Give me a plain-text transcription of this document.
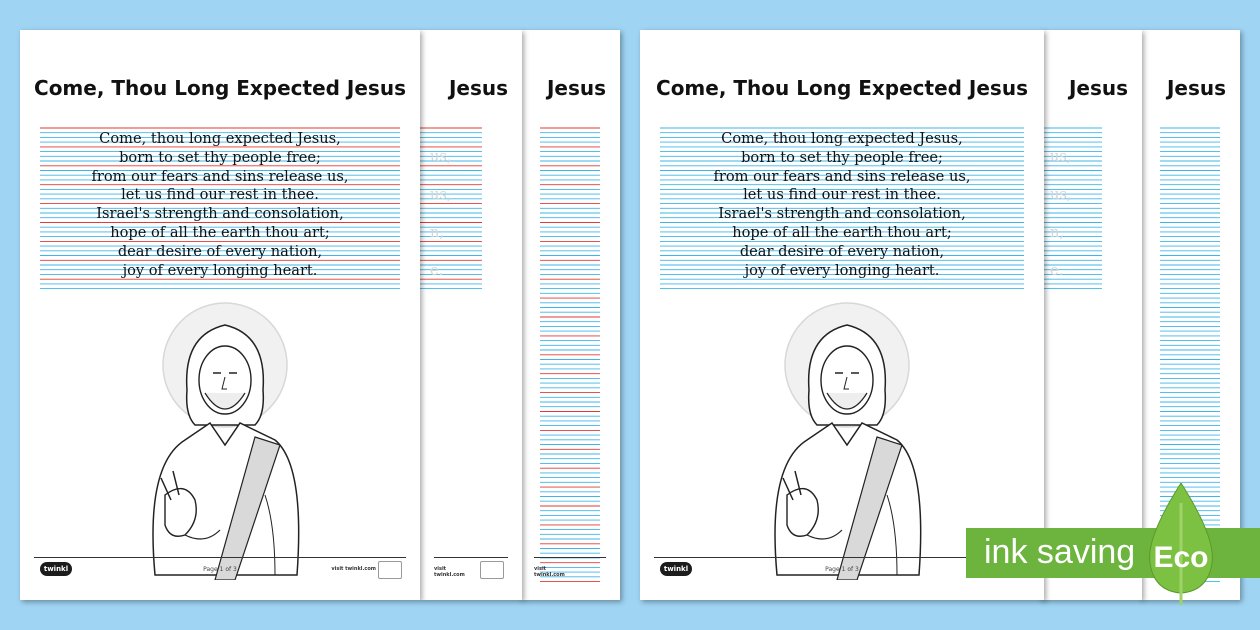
Jesus
visit twinkl.com
Jesus
us,
us,
n,
e.
visit twinkl.com
Come, Thou Long Expected Jesus
Come, thou long expected Jesus,
born to set thy people free;
from our fears and sins release us,
let us find our rest in thee.
Israel's strength and consolation,
hope of all the earth thou art;
dear desire of every nation,
joy of every longing heart.
twinkl	Page 1 of 3	visit twinkl.com
Jesus
Jesus
us,
us,
n,
e.
Come, Thou Long Expected Jesus
Come, thou long expected Jesus,
born to set thy people free;
from our fears and sins release us,
let us find our rest in thee.
Israel's strength and consolation,
hope of all the earth thou art;
dear desire of every nation,
joy of every longing heart.
twinkl	Page 1 of 3	ink saving Eco
